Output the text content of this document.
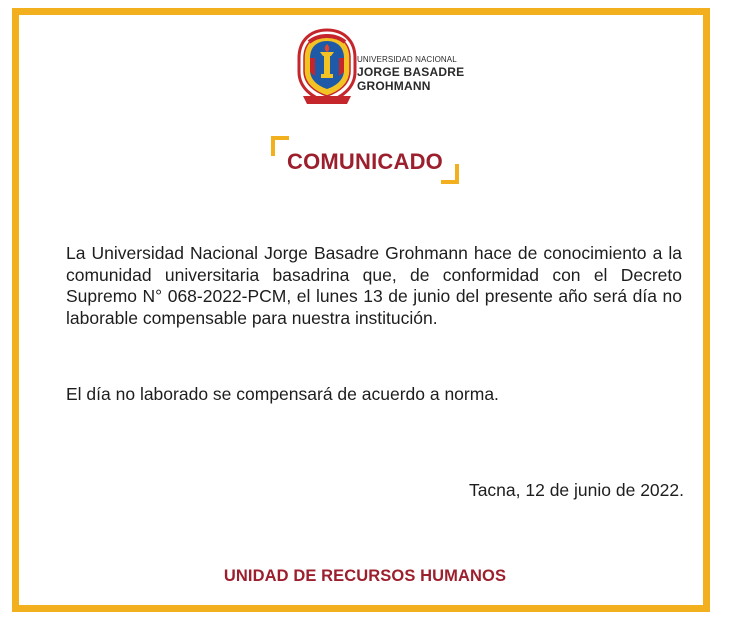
UNIVERSIDAD NACIONAL
JORGE BASADRE
GROHMANN
COMUNICADO
La Universidad Nacional Jorge Basadre Grohmann hace de conocimiento a la comunidad universitaria basadrina que, de conformidad con el Decreto Supremo N° 068-2022-PCM, el lunes 13 de junio del presente año será día no laborable compensable para nuestra institución.
El día no laborado se compensará de acuerdo a norma.
Tacna, 12 de junio de 2022.
UNIDAD DE RECURSOS HUMANOS
